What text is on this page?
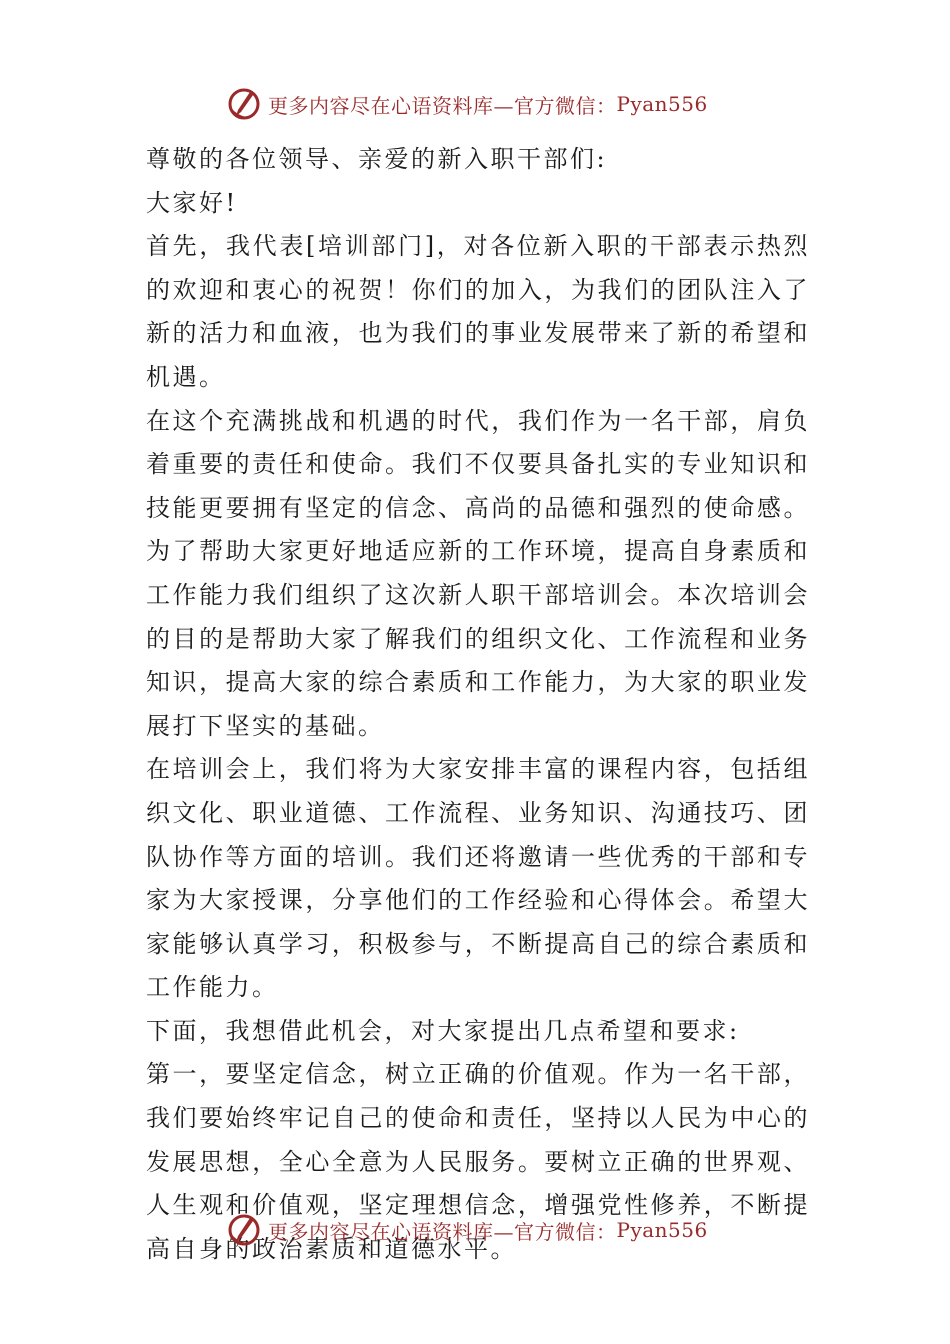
更多内容尽在心语资料库—官方微信： Pyan556

尊敬的各位领导、亲爱的新入职干部们:

大家好!

首先，我代表[培训部门]，对各位新入职的干部表示热烈的欢迎和衷心的祝贺！你们的加入，为我们的团队注入了新的活力和血液，也为我们的事业发展带来了新的希望和机遇。

在这个充满挑战和机遇的时代，我们作为一名干部，肩负着重要的责任和使命。我们不仅要具备扎实的专业知识和技能更要拥有坚定的信念、高尚的品德和强烈的使命感。为了帮助大家更好地适应新的工作环境，提高自身素质和工作能力我们组织了这次新人职干部培训会。本次培训会的目的是帮助大家了解我们的组织文化、工作流程和业务知识，提高大家的综合素质和工作能力，为大家的职业发展打下坚实的基础。

在培训会上，我们将为大家安排丰富的课程内容，包括组织文化、职业道德、工作流程、业务知识、沟通技巧、团队协作等方面的培训。我们还将邀请一些优秀的干部和专家为大家授课，分享他们的工作经验和心得体会。希望大家能够认真学习，积极参与，不断提高自己的综合素质和工作能力。

下面，我想借此机会，对大家提出几点希望和要求:

第一，要坚定信念，树立正确的价值观。作为一名干部，我们要始终牢记自己的使命和责任，坚持以人民为中心的发展思想，全心全意为人民服务。要树立正确的世界观、人生观和价值观，坚定理想信念，增强党性修养，不断提高自身的政治素质和道德水平。

更多内容尽在心语资料库—官方微信： Pyan556
